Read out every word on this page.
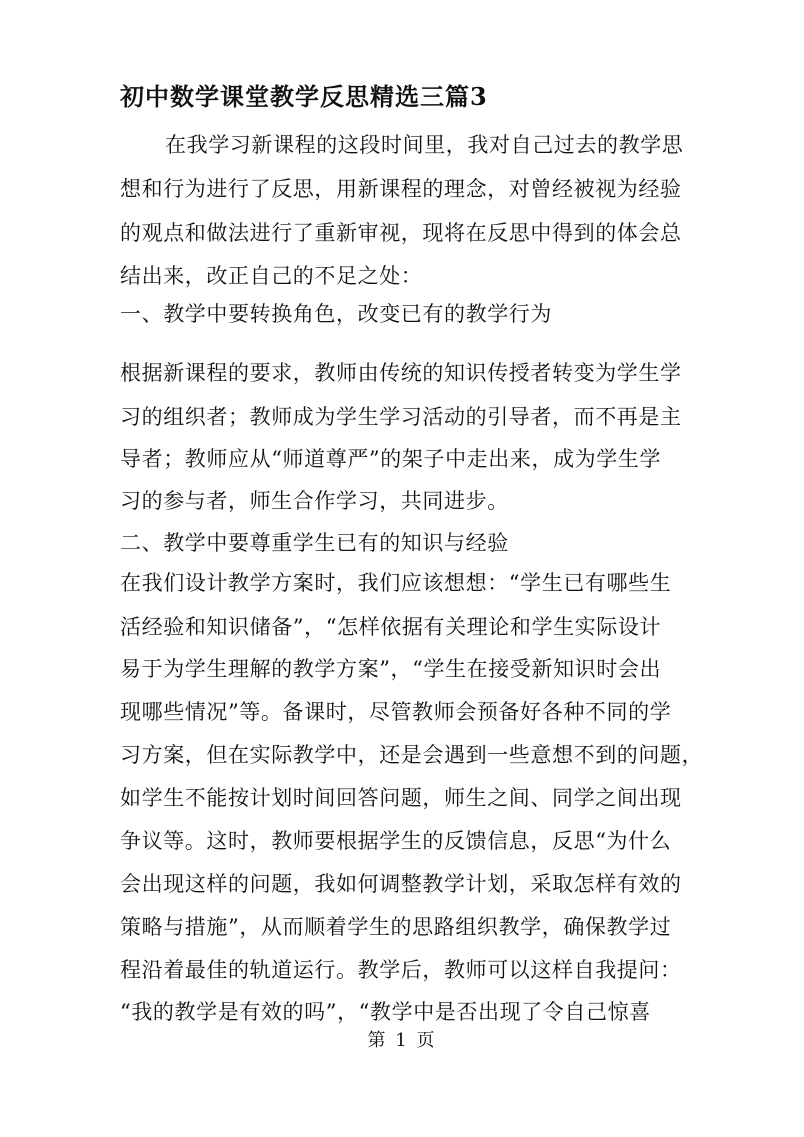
初中数学课堂教学反思精选三篇3
在我学习新课程的这段时间里，我对自己过去的教学思
想和行为进行了反思，用新课程的理念，对曾经被视为经验
的观点和做法进行了重新审视，现将在反思中得到的体会总
结出来，改正自己的不足之处：
一、教学中要转换角色，改变已有的教学行为
根据新课程的要求，教师由传统的知识传授者转变为学生学
习的组织者；教师成为学生学习活动的引导者，而不再是主
导者；教师应从“师道尊严”的架子中走出来，成为学生学
习的参与者，师生合作学习，共同进步。
二、教学中要尊重学生已有的知识与经验
在我们设计教学方案时，我们应该想想：“学生已有哪些生
活经验和知识储备”，“怎样依据有关理论和学生实际设计
易于为学生理解的教学方案”，“学生在接受新知识时会出
现哪些情况”等。备课时，尽管教师会预备好各种不同的学
习方案，但在实际教学中，还是会遇到一些意想不到的问题，
如学生不能按计划时间回答问题，师生之间、同学之间出现
争议等。这时，教师要根据学生的反馈信息，反思“为什么
会出现这样的问题，我如何调整教学计划，采取怎样有效的
策略与措施”，从而顺着学生的思路组织教学，确保教学过
程沿着最佳的轨道运行。教学后，教师可以这样自我提问：
“我的教学是有效的吗”，“教学中是否出现了令自己惊喜
第 1 页
